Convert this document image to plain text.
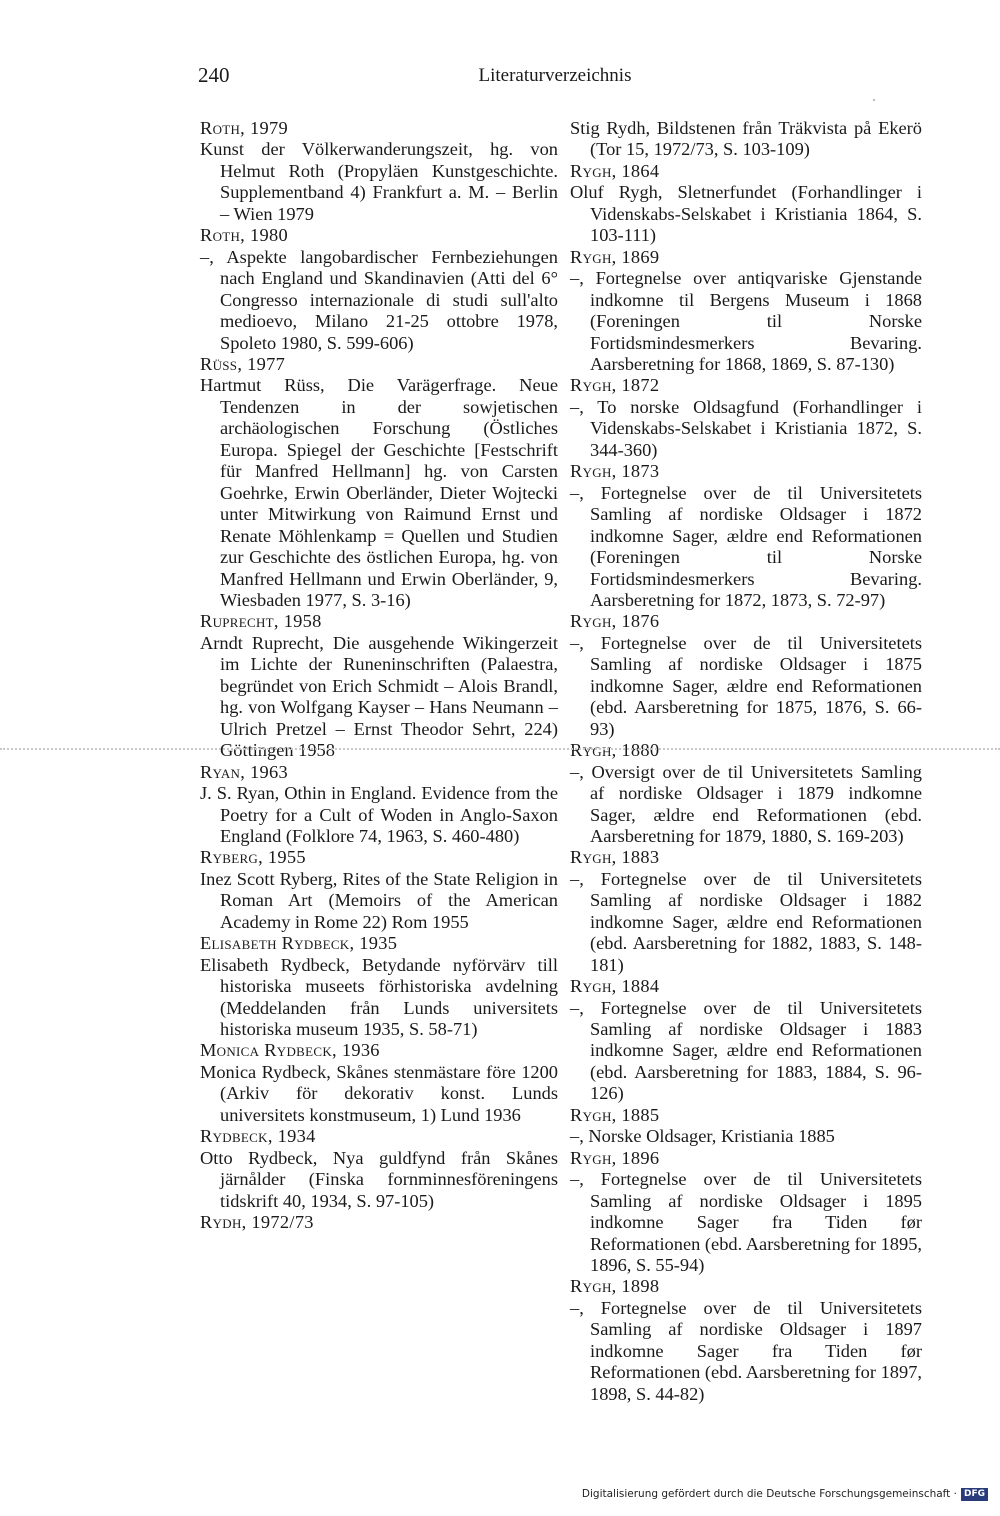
240	Literaturverzeichnis
Roth, 1979
Kunst der Völkerwanderungszeit, hg. von Helmut Roth (Propyläen Kunstgeschichte. Supplementband 4) Frankfurt a. M. – Berlin – Wien 1979
Roth, 1980
–, Aspekte langobardischer Fernbeziehungen nach England und Skandinavien (Atti del 6° Congresso internazionale di studi sull'alto medioevo, Milano 21-25 ottobre 1978, Spoleto 1980, S. 599-606)
Rüss, 1977
Hartmut Rüss, Die Varägerfrage. Neue Tendenzen in der sowjetischen archäologischen Forschung (Östliches Europa. Spiegel der Geschichte [Festschrift für Manfred Hellmann] hg. von Carsten Goehrke, Erwin Oberländer, Dieter Wojtecki unter Mitwirkung von Raimund Ernst und Renate Möhlenkamp = Quellen und Studien zur Geschichte des östlichen Europa, hg. von Manfred Hellmann und Erwin Oberländer, 9, Wiesbaden 1977, S. 3-16)
Ruprecht, 1958
Arndt Ruprecht, Die ausgehende Wikingerzeit im Lichte der Runeninschriften (Palaestra, begründet von Erich Schmidt – Alois Brandl, hg. von Wolfgang Kayser – Hans Neumann – Ulrich Pretzel – Ernst Theodor Sehrt, 224) Göttingen 1958
Ryan, 1963
J. S. Ryan, Othin in England. Evidence from the Poetry for a Cult of Woden in Anglo-Saxon England (Folklore 74, 1963, S. 460-480)
Ryberg, 1955
Inez Scott Ryberg, Rites of the State Religion in Roman Art (Memoirs of the American Academy in Rome 22) Rom 1955
Elisabeth Rydbeck, 1935
Elisabeth Rydbeck, Betydande nyförvärv till historiska museets förhistoriska avdelning (Meddelanden från Lunds universitets historiska museum 1935, S. 58-71)
Monica Rydbeck, 1936
Monica Rydbeck, Skånes stenmästare före 1200 (Arkiv för dekorativ konst. Lunds universitets konstmuseum, 1) Lund 1936
Rydbeck, 1934
Otto Rydbeck, Nya guldfynd från Skånes järnålder (Finska fornminnesföreningens tidskrift 40, 1934, S. 97-105)
Rydh, 1972/73
Stig Rydh, Bildstenen från Träkvista på Ekerö (Tor 15, 1972/73, S. 103-109)
Rygh, 1864
Oluf Rygh, Sletnerfundet (Forhandlinger i Videnskabs-Selskabet i Kristiania 1864, S. 103-111)
Rygh, 1869
–, Fortegnelse over antiqvariske Gjenstande indkomne til Bergens Museum i 1868 (Foreningen til Norske Fortidsmindesmerkers Bevaring. Aarsberetning for 1868, 1869, S. 87-130)
Rygh, 1872
–, To norske Oldsagfund (Forhandlinger i Videnskabs-Selskabet i Kristiania 1872, S. 344-360)
Rygh, 1873
–, Fortegnelse over de til Universitetets Samling af nordiske Oldsager i 1872 indkomne Sager, ældre end Reformationen (Foreningen til Norske Fortidsmindesmerkers Bevaring. Aarsberetning for 1872, 1873, S. 72-97)
Rygh, 1876
–, Fortegnelse over de til Universitetets Samling af nordiske Oldsager i 1875 indkomne Sager, ældre end Reformationen (ebd. Aarsberetning for 1875, 1876, S. 66-93)
Rygh, 1880
–, Oversigt over de til Universitetets Samling af nordiske Oldsager i 1879 indkomne Sager, ældre end Reformationen (ebd. Aarsberetning for 1879, 1880, S. 169-203)
Rygh, 1883
–, Fortegnelse over de til Universitetets Samling af nordiske Oldsager i 1882 indkomne Sager, ældre end Reformationen (ebd. Aarsberetning for 1882, 1883, S. 148-181)
Rygh, 1884
–, Fortegnelse over de til Universitetets Samling af nordiske Oldsager i 1883 indkomne Sager, ældre end Reformationen (ebd. Aarsberetning for 1883, 1884, S. 96-126)
Rygh, 1885
–, Norske Oldsager, Kristiania 1885
Rygh, 1896
–, Fortegnelse over de til Universitetets Samling af nordiske Oldsager i 1895 indkomne Sager fra Tiden før Reformationen (ebd. Aarsberetning for 1895, 1896, S. 55-94)
Rygh, 1898
–, Fortegnelse over de til Universitetets Samling af nordiske Oldsager i 1897 indkomne Sager fra Tiden før Reformationen (ebd. Aarsberetning for 1897, 1898, S. 44-82)
Digitalisierung gefördert durch die Deutsche Forschungsgemeinschaft · DFG
